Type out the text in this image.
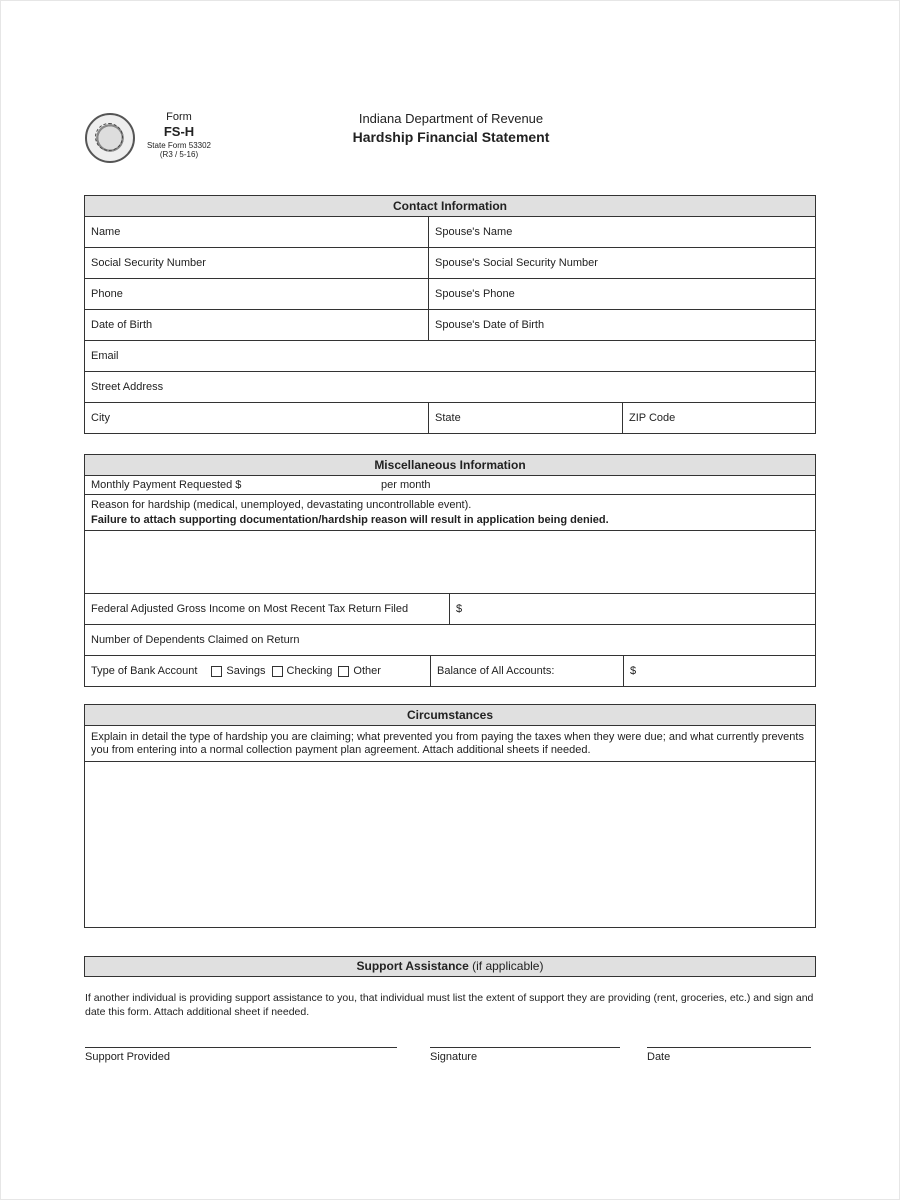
Form
FS-H
State Form 53302
(R3 / 5-16)
Indiana Department of Revenue
Hardship Financial Statement
Contact Information
Name	Spouse's Name
Social Security Number	Spouse's Social Security Number
Phone	Spouse's Phone
Date of Birth	Spouse's Date of Birth
Email
Street Address
City	State	ZIP Code
Miscellaneous Information
Monthly Payment Requested $	per month
Reason for hardship (medical, unemployed, devastating uncontrollable event).
Failure to attach supporting documentation/hardship reason will result in application being denied.
Federal Adjusted Gross Income on Most Recent Tax Return Filed	$
Number of Dependents Claimed on Return
Type of Bank Account	Savings Checking Other	Balance of All Accounts:	$
Circumstances
Explain in detail the type of hardship you are claiming; what prevented you from paying the taxes when they were due; and what currently prevents you from entering into a normal collection payment plan agreement. Attach additional sheets if needed.
Support Assistance (if applicable)
If another individual is providing support assistance to you, that individual must list the extent of support they are providing (rent, groceries, etc.) and sign and date this form. Attach additional sheet if needed.
Support Provided	Signature	Date
